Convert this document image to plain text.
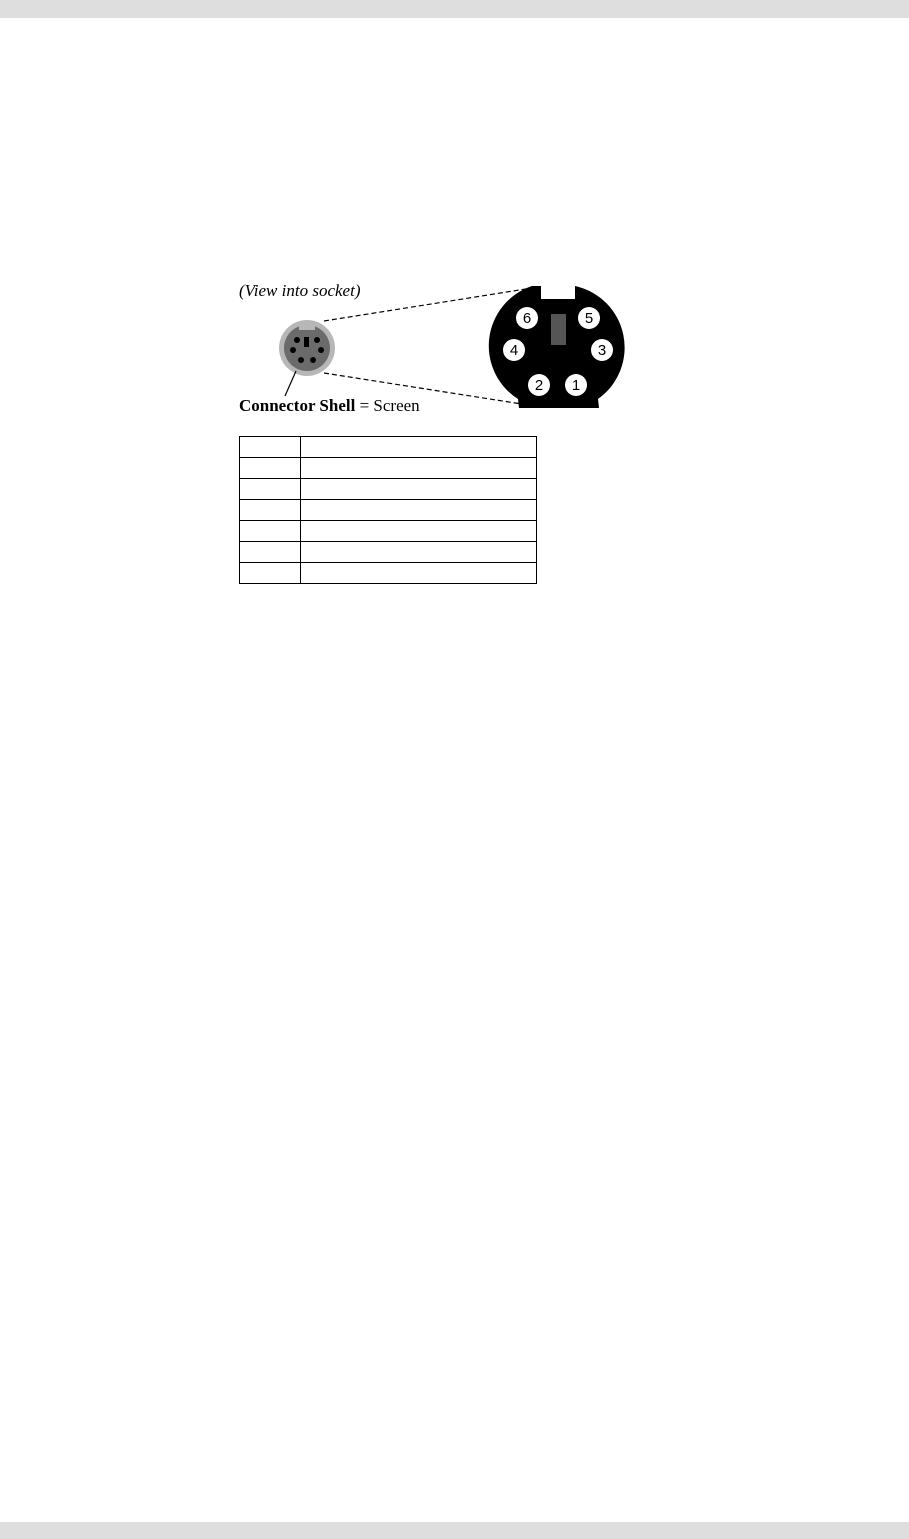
(View into socket)
1
2
3
4
5
6
Connector Shell = Screen
